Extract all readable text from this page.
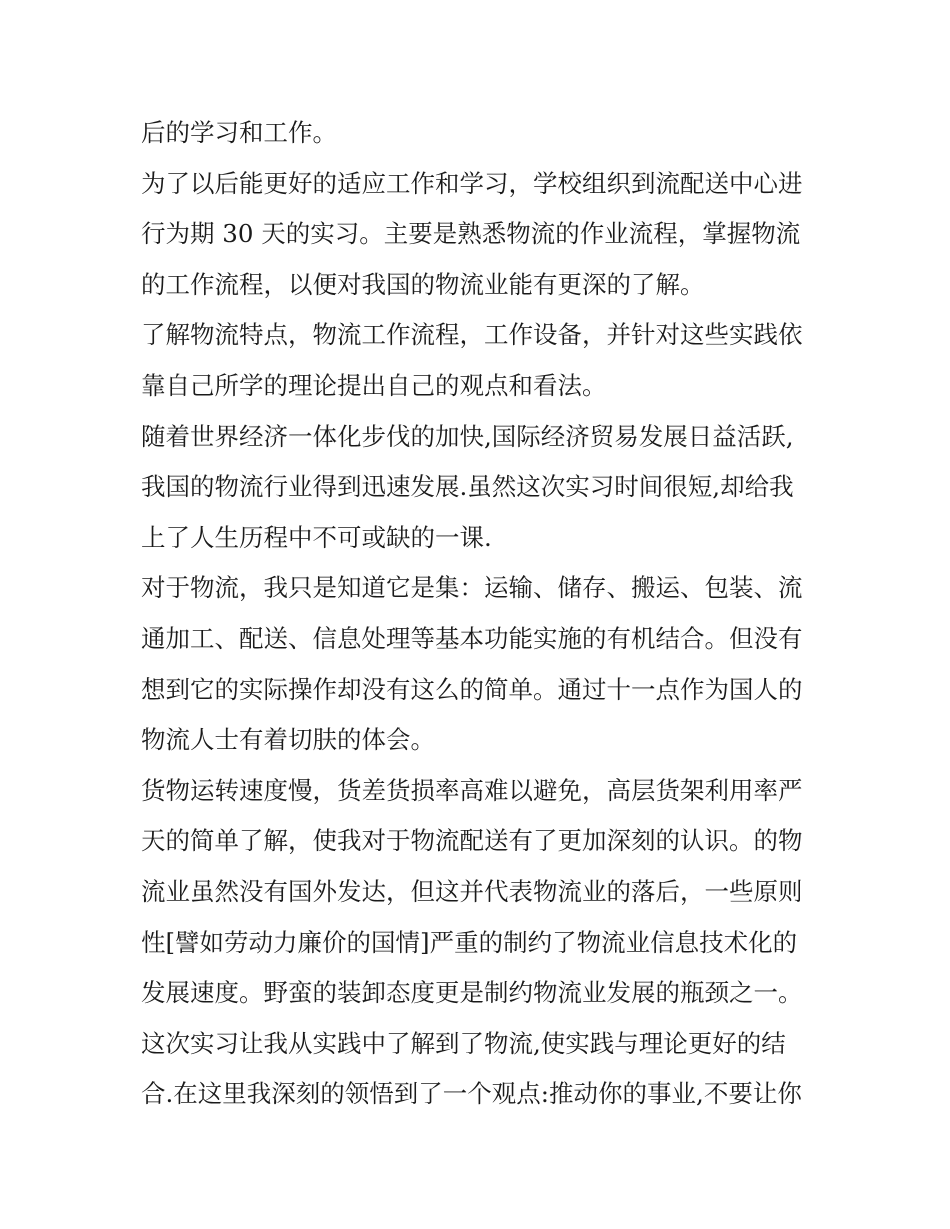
后的学习和工作。
为了以后能更好的适应工作和学习，学校组织到流配送中心进
行为期 30 天的实习。主要是熟悉物流的作业流程，掌握物流
的工作流程，以便对我国的物流业能有更深的了解。
了解物流特点，物流工作流程，工作设备，并针对这些实践依
靠自己所学的理论提出自己的观点和看法。
随着世界经济一体化步伐的加快,国际经济贸易发展日益活跃,
我国的物流行业得到迅速发展.虽然这次实习时间很短,却给我
上了人生历程中不可或缺的一课.
对于物流，我只是知道它是集：运输、储存、搬运、包装、流
通加工、配送、信息处理等基本功能实施的有机结合。但没有
想到它的实际操作却没有这么的简单。通过十一点作为国人的
物流人士有着切肤的体会。
货物运转速度慢，货差货损率高难以避免，高层货架利用率严
天的简单了解，使我对于物流配送有了更加深刻的认识。的物
流业虽然没有国外发达，但这并代表物流业的落后，一些原则
性[譬如劳动力廉价的国情]严重的制约了物流业信息技术化的
发展速度。野蛮的装卸态度更是制约物流业发展的瓶颈之一。
这次实习让我从实践中了解到了物流,使实践与理论更好的结
合.在这里我深刻的领悟到了一个观点:推动你的事业,不要让你
